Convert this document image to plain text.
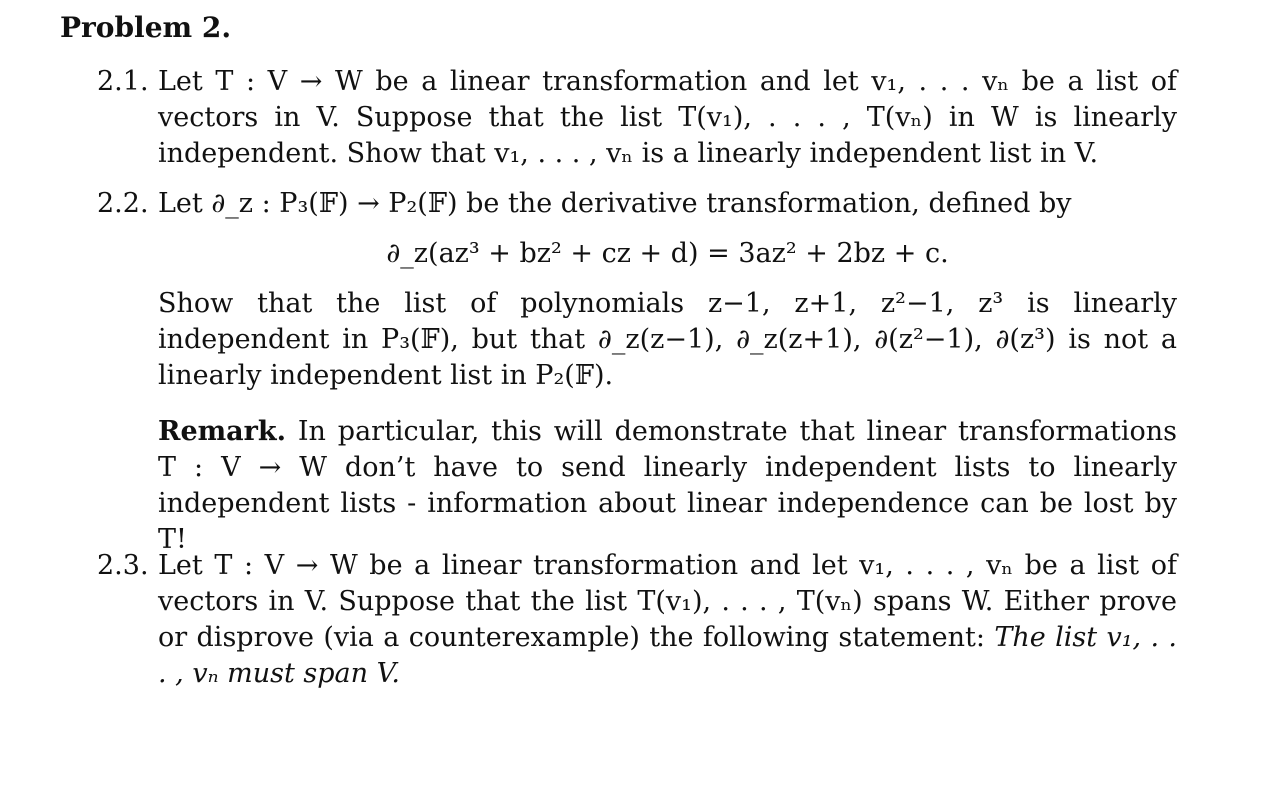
Problem 2.
2.1. Let T : V → W be a linear transformation and let v₁, . . . vₙ be a list of vectors in V. Suppose that the list T(v₁), . . . , T(vₙ) in W is linearly independent. Show that v₁, . . . , vₙ is a linearly independent list in V.
2.2. Let ∂_z : P₃(𝔽) → P₂(𝔽) be the derivative transformation, defined by
∂_z(az³ + bz² + cz + d) = 3az² + 2bz + c.
Show that the list of polynomials z−1, z+1, z²−1, z³ is linearly independent in P₃(𝔽), but that ∂_z(z−1), ∂_z(z+1), ∂(z²−1), ∂(z³) is not a linearly independent list in P₂(𝔽).
Remark. In particular, this will demonstrate that linear transformations T : V → W don’t have to send linearly independent lists to linearly independent lists - information about linear independence can be lost by T!
2.3. Let T : V → W be a linear transformation and let v₁, . . . , vₙ be a list of vectors in V. Suppose that the list T(v₁), . . . , T(vₙ) spans W. Either prove or disprove (via a counterexample) the following statement: The list v₁, . . . , vₙ must span V.
